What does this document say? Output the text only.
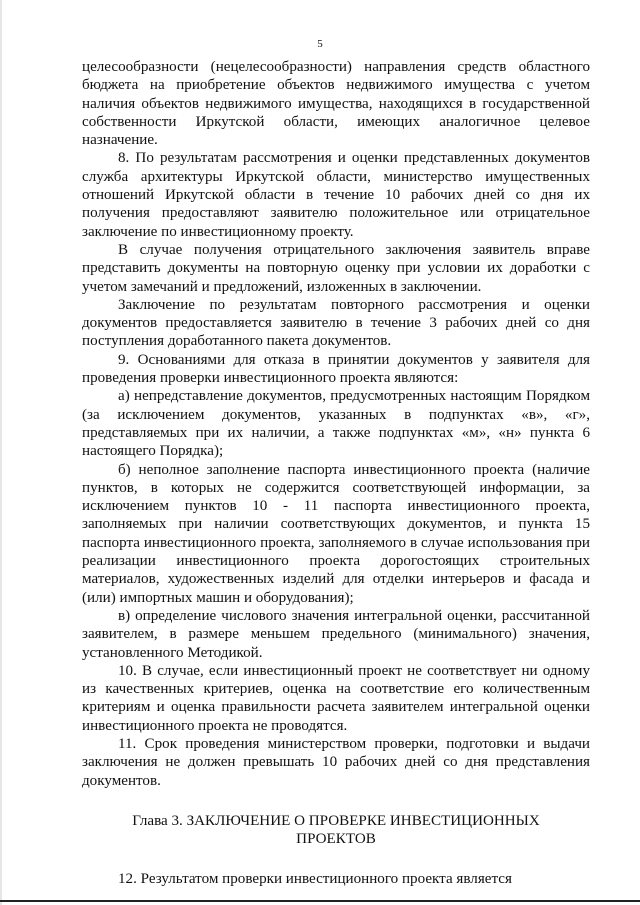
5

целесообразности (нецелесообразности) направления средств областного бюджета на приобретение объектов недвижимого имущества с учетом наличия объектов недвижимого имущества, находящихся в государственной собственности Иркутской области, имеющих аналогичное целевое назначение.

8. По результатам рассмотрения и оценки представленных документов служба архитектуры Иркутской области, министерство имущественных отношений Иркутской области в течение 10 рабочих дней со дня их получения предоставляют заявителю положительное или отрицательное заключение по инвестиционному проекту.

В случае получения отрицательного заключения заявитель вправе представить документы на повторную оценку при условии их доработки с учетом замечаний и предложений, изложенных в заключении.

Заключение по результатам повторного рассмотрения и оценки документов предоставляется заявителю в течение 3 рабочих дней со дня поступления доработанного пакета документов.

9. Основаниями для отказа в принятии документов у заявителя для проведения проверки инвестиционного проекта являются:

а) непредставление документов, предусмотренных настоящим Порядком (за исключением документов, указанных в подпунктах «в», «г», представляемых при их наличии, а также подпунктах «м», «н» пункта 6 настоящего Порядка);

б) неполное заполнение паспорта инвестиционного проекта (наличие пунктов, в которых не содержится соответствующей информации, за исключением пунктов 10 - 11 паспорта инвестиционного проекта, заполняемых при наличии соответствующих документов, и пункта 15 паспорта инвестиционного проекта, заполняемого в случае использования при реализации инвестиционного проекта дорогостоящих строительных материалов, художественных изделий для отделки интерьеров и фасада и (или) импортных машин и оборудования);

в) определение числового значения интегральной оценки, рассчитанной заявителем, в размере меньшем предельного (минимального) значения, установленного Методикой.

10. В случае, если инвестиционный проект не соответствует ни одному из качественных критериев, оценка на соответствие его количественным критериям и оценка правильности расчета заявителем интегральной оценки инвестиционного проекта не проводятся.

11. Срок проведения министерством проверки, подготовки и выдачи заключения не должен превышать 10 рабочих дней со дня представления документов.

Глава 3. ЗАКЛЮЧЕНИЕ О ПРОВЕРКЕ ИНВЕСТИЦИОННЫХ ПРОЕКТОВ

12. Результатом проверки инвестиционного проекта является
